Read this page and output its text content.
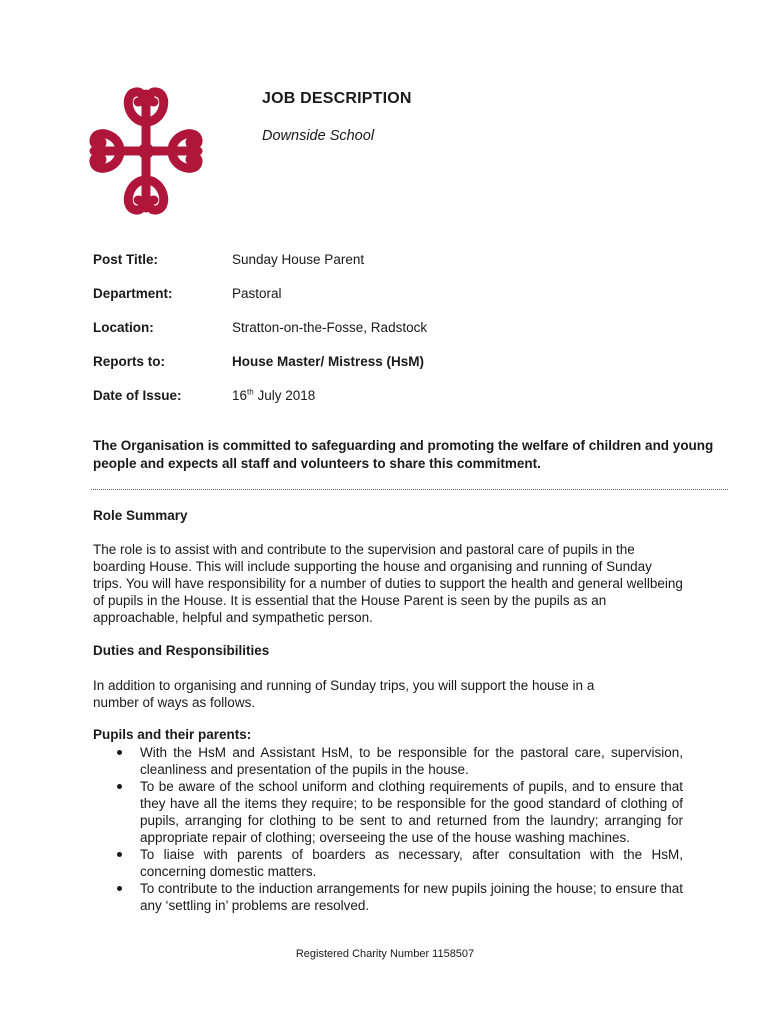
JOB DESCRIPTION
Downside School
Post Title:	Sunday House Parent
Department:	Pastoral
Location:	Stratton-on-the-Fosse, Radstock
Reports to:	House Master/ Mistress (HsM)
Date of Issue:	16th July 2018
The Organisation is committed to safeguarding and promoting the welfare of children and young people and expects all staff and volunteers to share this commitment.
Role Summary
The role is to assist with and contribute to the supervision and pastoral care of pupils in the boarding House. This will include supporting the house and organising and running of Sunday trips. You will have responsibility for a number of duties to support the health and general wellbeing of pupils in the House. It is essential that the House Parent is seen by the pupils as an approachable, helpful and sympathetic person.
Duties and Responsibilities
In addition to organising and running of Sunday trips, you will support the house in a number of ways as follows.
Pupils and their parents:
With the HsM and Assistant HsM, to be responsible for the pastoral care, supervision, cleanliness and presentation of the pupils in the house.
To be aware of the school uniform and clothing requirements of pupils, and to ensure that they have all the items they require; to be responsible for the good standard of clothing of pupils, arranging for clothing to be sent to and returned from the laundry; arranging for appropriate repair of clothing; overseeing the use of the house washing machines.
To liaise with parents of boarders as necessary, after consultation with the HsM, concerning domestic matters.
To contribute to the induction arrangements for new pupils joining the house; to ensure that any ‘settling in’ problems are resolved.
Registered Charity Number 1158507
